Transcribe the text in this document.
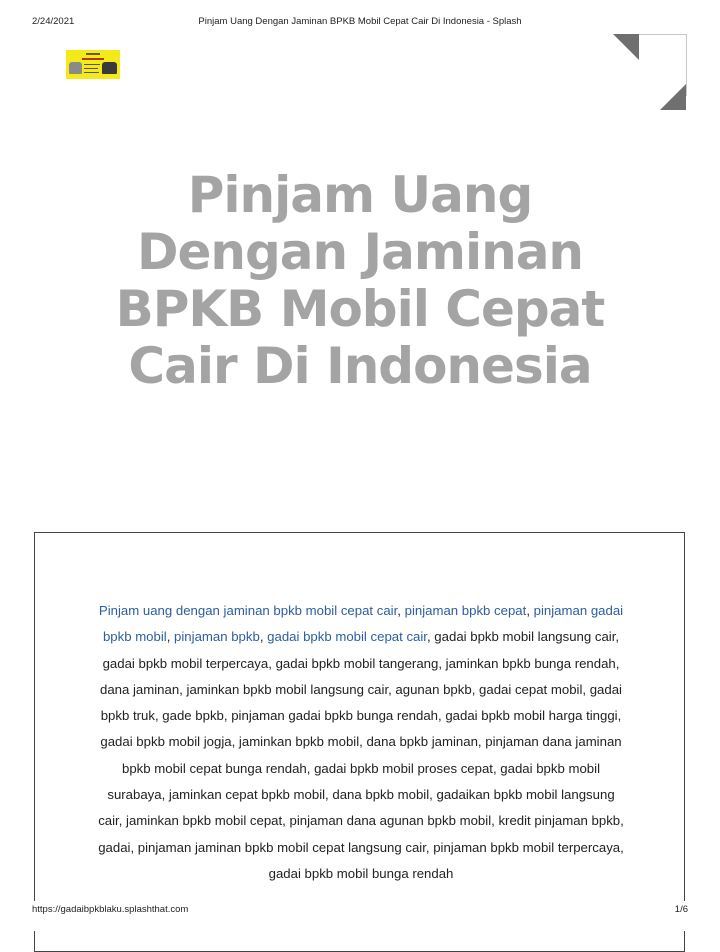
2/24/2021	Pinjam Uang Dengan Jaminan BPKB Mobil Cepat Cair Di Indonesia - Splash
Pinjam Uang Dengan Jaminan BPKB Mobil Cepat Cair Di Indonesia

Pinjam uang dengan jaminan bpkb mobil cepat cair, pinjaman bpkb cepat, pinjaman gadai bpkb mobil, pinjaman bpkb, gadai bpkb mobil cepat cair, gadai bpkb mobil langsung cair, gadai bpkb mobil terpercaya, gadai bpkb mobil tangerang, jaminkan bpkb bunga rendah, dana jaminan, jaminkan bpkb mobil langsung cair, agunan bpkb, gadai cepat mobil, gadai bpkb truk, gade bpkb, pinjaman gadai bpkb bunga rendah, gadai bpkb mobil harga tinggi, gadai bpkb mobil jogja, jaminkan bpkb mobil, dana bpkb jaminan, pinjaman dana jaminan bpkb mobil cepat bunga rendah, gadai bpkb mobil proses cepat, gadai bpkb mobil surabaya, jaminkan cepat bpkb mobil, dana bpkb mobil, gadaikan bpkb mobil langsung cair, jaminkan bpkb mobil cepat, pinjaman dana agunan bpkb mobil, kredit pinjaman bpkb, gadai, pinjaman jaminan bpkb mobil cepat langsung cair, pinjaman bpkb mobil terpercaya, gadai bpkb mobil bunga rendah

https://gadaibpkblaku.splashthat.com	1/6
